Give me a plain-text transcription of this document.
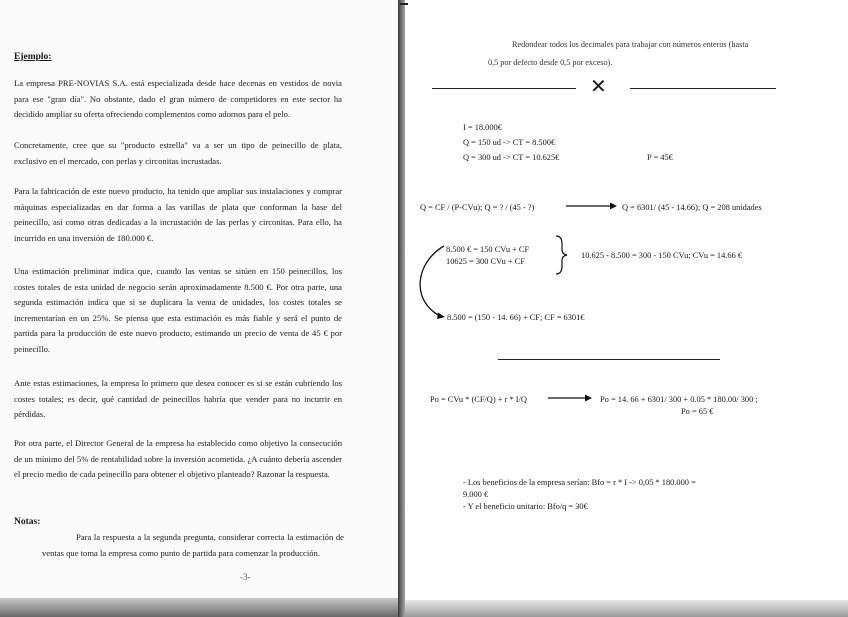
Ejemplo:

La empresa PRE-NOVIAS S.A. está especializada desde hace decenas en vestidos de novia para ese "gran día". No obstante, dado el gran número de competidores en este sector ha decidido ampliar su oferta ofreciendo complementos como adornos para el pelo.

Concretamente, cree que su "producto estrella" va a ser un tipo de peinecillo de plata, exclusivo en el mercado, con perlas y circonitas incrustadas.

Para la fabricación de este nuevo producto, ha tenido que ampliar sus instalaciones y comprar máquinas especializadas en dar forma a las varillas de plata que conforman la base del peinecillo, así como otras dedicadas a la incrustación de las perlas y circonitas. Para ello, ha incurrido en una inversión de 180.000 €.

Una estimación preliminar indica que, cuando las ventas se sitúen en 150 peinecillos, los costes totales de esta unidad de negocio serán aproximadamente 8.500 €. Por otra parte, una segunda estimación indica que si se duplicara la venta de unidades, los costes totales se incrementarían en un 25%. Se piensa que esta estimación es más fiable y será el punto de partida para la producción de este nuevo producto, estimando un precio de venta de 45 € por peinecillo.

Ante estas estimaciones, la empresa lo primero que desea conocer es si se están cubriendo los costes totales; es decir, qué cantidad de peinecillos habría que vender para no incurrir en pérdidas.

Por otra parte, el Director General de la empresa ha establecido como objetivo la consecución de un mínimo del 5% de rentabilidad sobre la inversión acometida. ¿A cuánto debería ascender el precio medio de cada peinecillo para obtener el objetivo planteado? Razonar la respuesta.

Notas:

Para la respuesta a la segunda pregunta, considerar correcta la estimación de ventas que toma la empresa como punto de partida para comenzar la producción.

-3-
Redondear todos los decimales para trabajar con números enteros (hasta
0,5 por defecto desde 0,5 por exceso).
✕
I = 18.000€
Q = 150 ud -> CT = 8.500€
Q = 300 ud -> CT = 10.625€	P = 45€
Q = CF / (P-CVu); Q = ? / (45 - ?)	Q = 6301/ (45 - 14.66); Q = 208 unidades
8.500 € = 150 CVu + CF
10625 = 300 CVu + CF
10.625 - 8.500 = 300 - 150 CVu; CVu = 14.66 €
8.500 = (150 - 14. 66) + CF; CF = 6301€
Po = CVu * (CF/Q) + r * I/Q	Po = 14. 66 + 6301/ 300 + 0.05 * 180.00/ 300 ;
Po = 65 €
- Los beneficios de la empresa serían: Bfo = r * I -> 0,05 * 180.000 =
9.000 €
- Y el beneficio unitario: Bfo/q = 30€
